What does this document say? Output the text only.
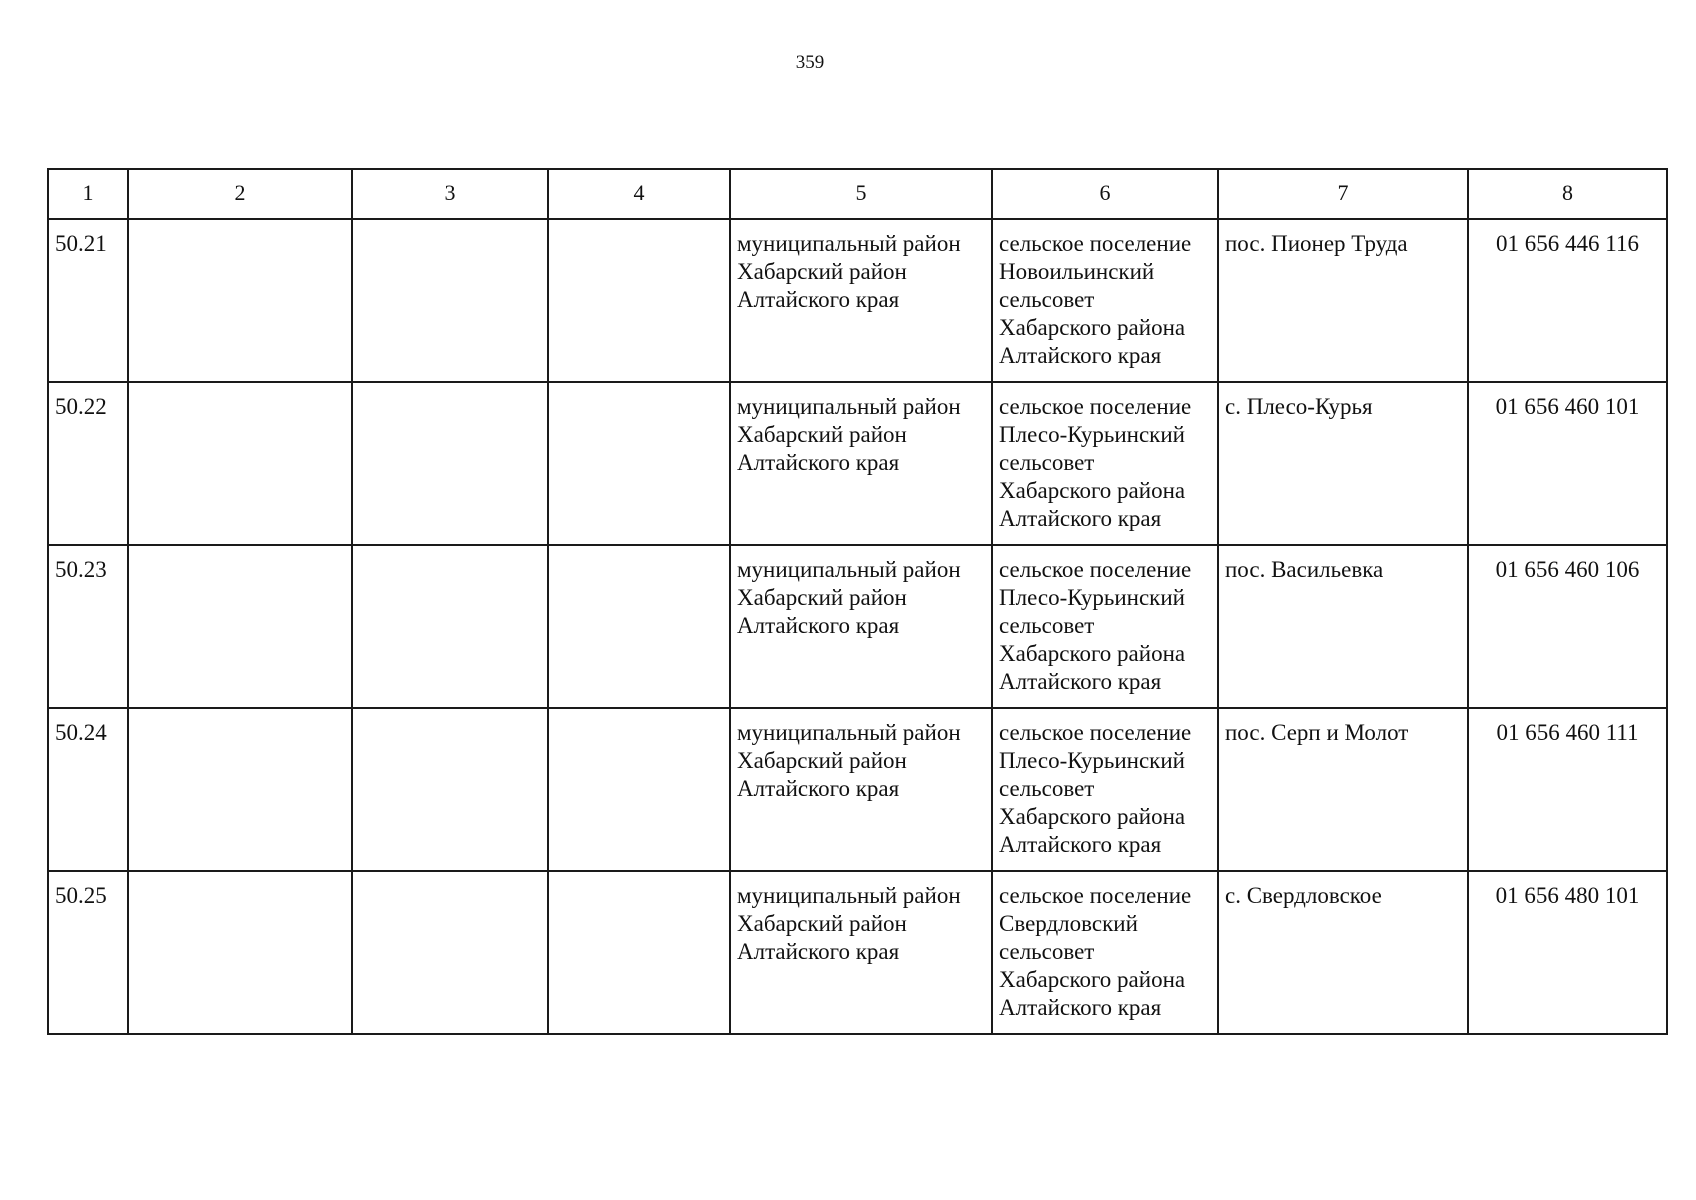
359
1	2	3	4	5	6	7	8
50.21				муниципальный район
Хабарский район
Алтайского края	сельское поселение
Новоильинский
сельсовет
Хабарского района
Алтайского края	пос. Пионер Труда	01 656 446 116
50.22				муниципальный район
Хабарский район
Алтайского края	сельское поселение
Плесо-Курьинский
сельсовет
Хабарского района
Алтайского края	с. Плесо-Курья	01 656 460 101
50.23				муниципальный район
Хабарский район
Алтайского края	сельское поселение
Плесо-Курьинский
сельсовет
Хабарского района
Алтайского края	пос. Васильевка	01 656 460 106
50.24				муниципальный район
Хабарский район
Алтайского края	сельское поселение
Плесо-Курьинский
сельсовет
Хабарского района
Алтайского края	пос. Серп и Молот	01 656 460 111
50.25				муниципальный район
Хабарский район
Алтайского края	сельское поселение
Свердловский
сельсовет
Хабарского района
Алтайского края	с. Свердловское	01 656 480 101
